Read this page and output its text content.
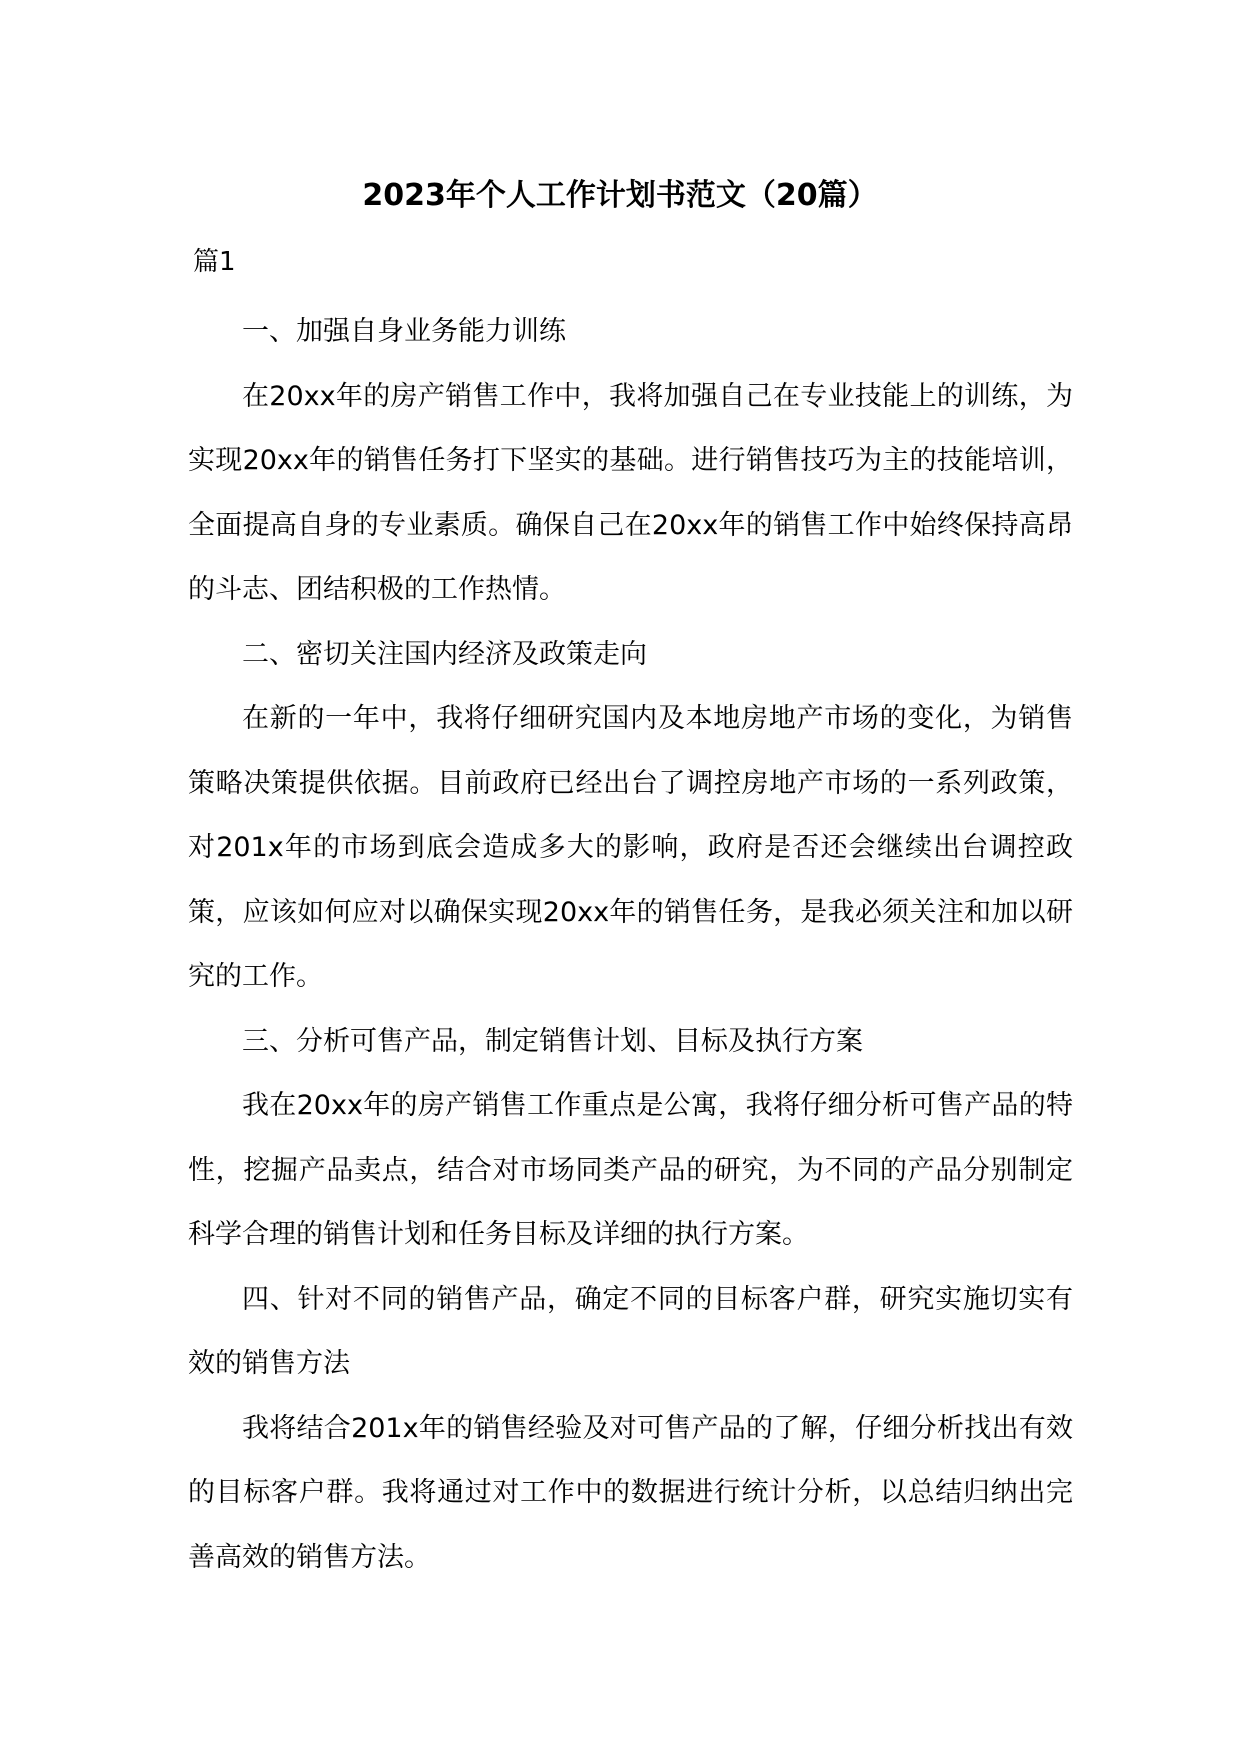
2023年个人工作计划书范文（20篇）
篇1

一、加强自身业务能力训练

在20xx年的房产销售工作中，我将加强自己在专业技能上的训练，为实现20xx年的销售任务打下坚实的基础。进行销售技巧为主的技能培训，全面提高自身的专业素质。确保自己在20xx年的销售工作中始终保持高昂的斗志、团结积极的工作热情。

二、密切关注国内经济及政策走向

在新的一年中，我将仔细研究国内及本地房地产市场的变化，为销售策略决策提供依据。目前政府已经出台了调控房地产市场的一系列政策，对201x年的市场到底会造成多大的影响，政府是否还会继续出台调控政策，应该如何应对以确保实现20xx年的销售任务，是我必须关注和加以研究的工作。

三、分析可售产品，制定销售计划、目标及执行方案

我在20xx年的房产销售工作重点是公寓，我将仔细分析可售产品的特性，挖掘产品卖点，结合对市场同类产品的研究，为不同的产品分别制定科学合理的销售计划和任务目标及详细的执行方案。

四、针对不同的销售产品，确定不同的目标客户群，研究实施切实有效的销售方法

我将结合201x年的销售经验及对可售产品的了解，仔细分析找出有效的目标客户群。我将通过对工作中的数据进行统计分析，以总结归纳出完善高效的销售方法。
